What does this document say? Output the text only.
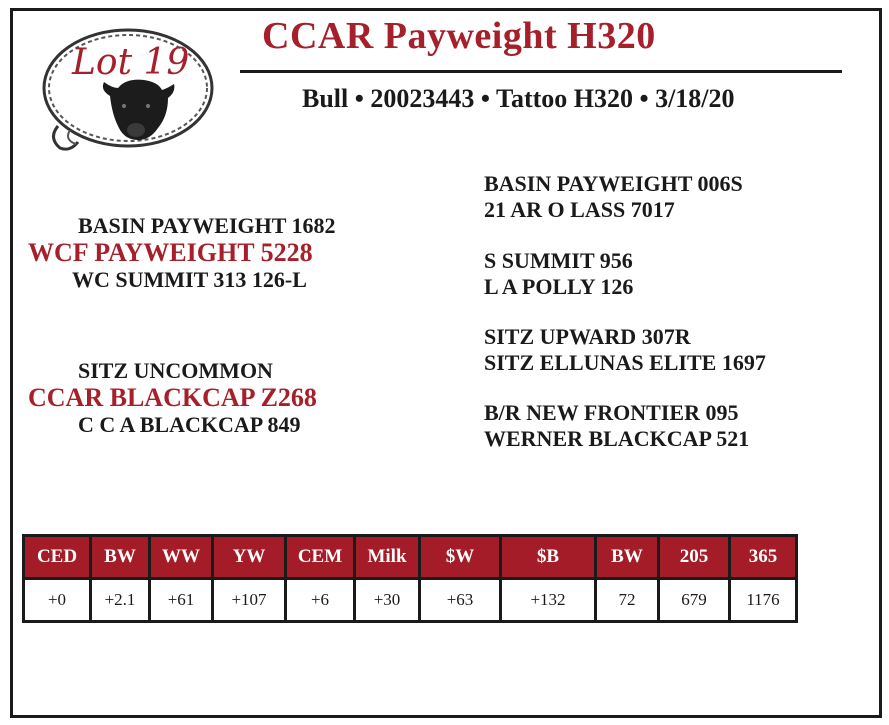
Lot 19
CCAR Payweight H320
Bull • 20023443 • Tattoo H320 • 3/18/20
BASIN PAYWEIGHT 1682
WCF PAYWEIGHT 5228
WC SUMMIT 313 126-L
SITZ UNCOMMON
CCAR BLACKCAP Z268
C C A BLACKCAP 849
BASIN PAYWEIGHT 006S
21 AR O LASS 7017
S SUMMIT 956
L A POLLY 126
SITZ UPWARD 307R
SITZ ELLUNAS ELITE 1697
B/R NEW FRONTIER 095
WERNER BLACKCAP 521
CED	BW	WW	YW	CEM	Milk	$W	$B	BW	205	365
+0	+2.1	+61	+107	+6	+30	+63	+132	72	679	1176
